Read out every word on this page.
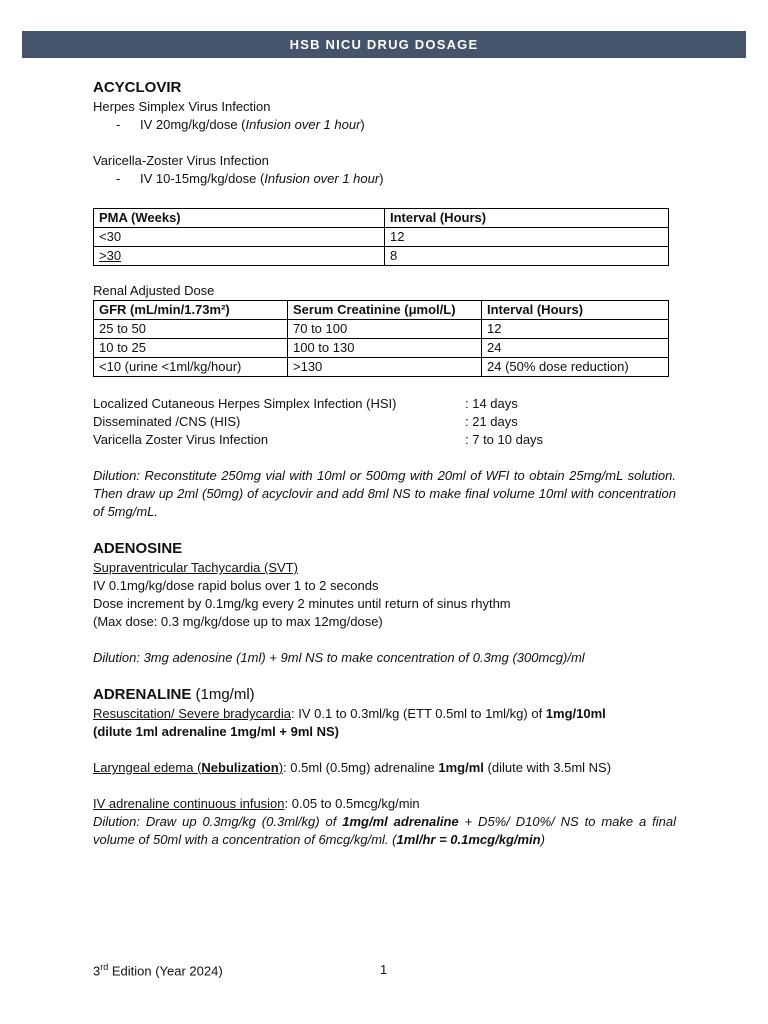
HSB NICU DRUG DOSAGE
ACYCLOVIR
Herpes Simplex Virus Infection
- IV 20mg/kg/dose (Infusion over 1 hour)
Varicella-Zoster Virus Infection
- IV 10-15mg/kg/dose (Infusion over 1 hour)
PMA (Weeks)	Interval (Hours)
<30	12
>30	8
Renal Adjusted Dose
GFR (mL/min/1.73m²)	Serum Creatinine (μmol/L)	Interval (Hours)
25 to 50	70 to 100	12
10 to 25	100 to 130	24
<10 (urine <1ml/kg/hour)	>130	24 (50% dose reduction)
Localized Cutaneous Herpes Simplex Infection (HSI)	: 14 days
Disseminated /CNS (HIS)	: 21 days
Varicella Zoster Virus Infection	: 7 to 10 days
Dilution: Reconstitute 250mg vial with 10ml or 500mg with 20ml of WFI to obtain 25mg/mL solution. Then draw up 2ml (50mg) of acyclovir and add 8ml NS to make final volume 10ml with concentration of 5mg/mL.
ADENOSINE
Supraventricular Tachycardia (SVT)
IV 0.1mg/kg/dose rapid bolus over 1 to 2 seconds
Dose increment by 0.1mg/kg every 2 minutes until return of sinus rhythm
(Max dose: 0.3 mg/kg/dose up to max 12mg/dose)
Dilution: 3mg adenosine (1ml) + 9ml NS to make concentration of 0.3mg (300mcg)/ml
ADRENALINE (1mg/ml)
Resuscitation/ Severe bradycardia: IV 0.1 to 0.3ml/kg (ETT 0.5ml to 1ml/kg) of 1mg/10ml
(dilute 1ml adrenaline 1mg/ml + 9ml NS)
Laryngeal edema (Nebulization): 0.5ml (0.5mg) adrenaline 1mg/ml (dilute with 3.5ml NS)
IV adrenaline continuous infusion: 0.05 to 0.5mcg/kg/min
Dilution: Draw up 0.3mg/kg (0.3ml/kg) of 1mg/ml adrenaline + D5%/ D10%/ NS to make a final volume of 50ml with a concentration of 6mcg/kg/ml. (1ml/hr = 0.1mcg/kg/min)
3rd Edition (Year 2024)	1
